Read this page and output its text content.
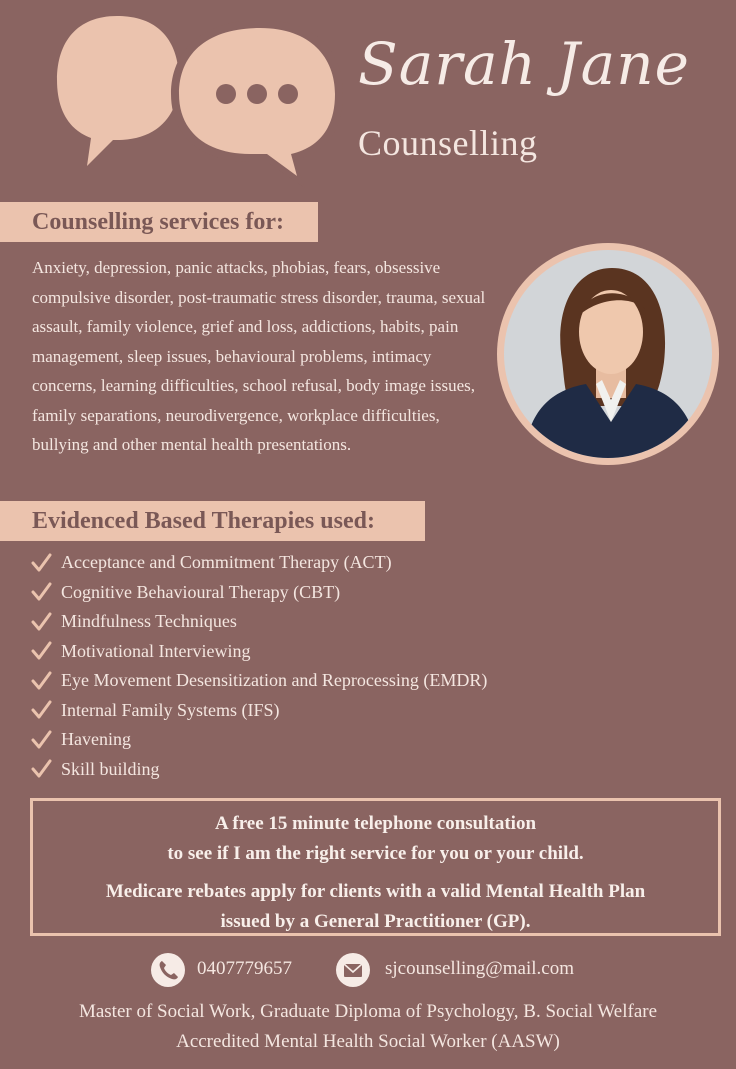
Sarah Jane
Counselling
Counselling services for:
Anxiety, depression, panic attacks, phobias, fears, obsessive compulsive disorder, post-traumatic stress disorder, trauma, sexual assault, family violence, grief and loss, addictions, habits, pain management, sleep issues, behavioural problems, intimacy concerns, learning difficulties, school refusal, body image issues, family separations, neurodivergence, workplace difficulties, bullying and other mental health presentations.
Evidenced Based Therapies used:
Acceptance and Commitment Therapy (ACT)
Cognitive Behavioural Therapy (CBT)
Mindfulness Techniques
Motivational Interviewing
Eye Movement Desensitization and Reprocessing (EMDR)
Internal Family Systems (IFS)
Havening
Skill building
A free 15 minute telephone consultation
to see if I am the right service for you or your child.
Medicare rebates apply for clients with a valid Mental Health Plan
issued by a General Practitioner (GP).
0407779657	sjcounselling@mail.com
Master of Social Work, Graduate Diploma of Psychology, B. Social Welfare
Accredited Mental Health Social Worker (AASW)
